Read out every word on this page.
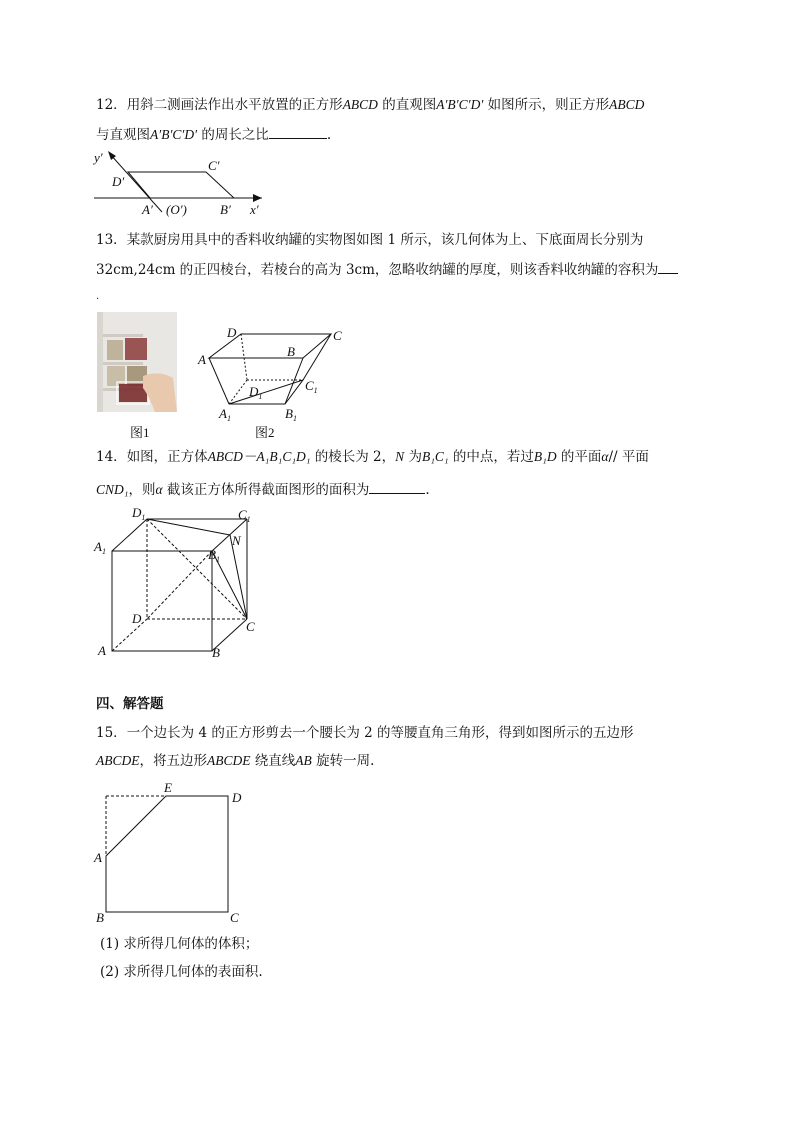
12．用斜二测画法作出水平放置的正方形ABCD 的直观图A′B′C′D′ 如图所示，则正方形ABCD
与直观图A′B′C′D′ 的周长之比	.
y′
x′
C′
D′
A′ (O′)	B′
13．某款厨房用具中的香料收纳罐的实物图如图 1 所示，该几何体为上、下底面周长分别为
32cm,24cm 的正四棱台，若棱台的高为 3cm，忽略收纳罐的厚度，则该香料收纳罐的容积为
.
D	C
A
B
$D_1$
$C_1$
$A_1$	$B_1$
图1	图2
14．如图，正方体ABCD－A₁B₁C₁D₁ 的棱长为 2，N 为B₁C₁ 的中点，若过B₁D 的平面α// 平面
CND₁，则α 截该正方体所得截面图形的面积为	.
$D_1$	$C_1$
$A_1$	$B_1$
N
D
C
A	B
四、解答题
15．一个边长为 4 的正方形剪去一个腰长为 2 的等腰直角三角形，得到如图所示的五边形
ABCDE，将五边形ABCDE 绕直线AB 旋转一周.
E
D
A
B	C
(1) 求所得几何体的体积；
(2) 求所得几何体的表面积.
